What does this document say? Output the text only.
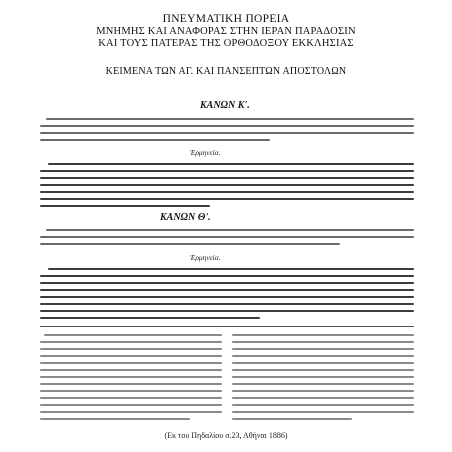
ΠΝΕΥΜΑΤΙΚΗ ΠΟΡΕΙΑ
ΜΝΗΜΗΣ ΚΑΙ ΑΝΑΦΟΡΑΣ ΣΤΗΝ ΙΕΡΑΝ ΠΑΡΑΔΟΣΙΝ
ΚΑΙ ΤΟΥΣ ΠΑΤΕΡΑΣ ΤΗΣ ΟΡΘΟΔΟΞΟΥ ΕΚΚΛΗΣΙΑΣ
ΚΕΙΜΕΝΑ ΤΩΝ ΑΓ. ΚΑΙ ΠΑΝΣΕΠΤΩΝ ΑΠΟΣΤΟΛΩΝ
ΚΑΝΩΝ Κ'.
Ἑρμηνεία.
ΚΑΝΩΝ Θ'.
Ἑρμηνεία.
(Εκ του Πηδαλίου σ.23, Αθήναι 1886)
